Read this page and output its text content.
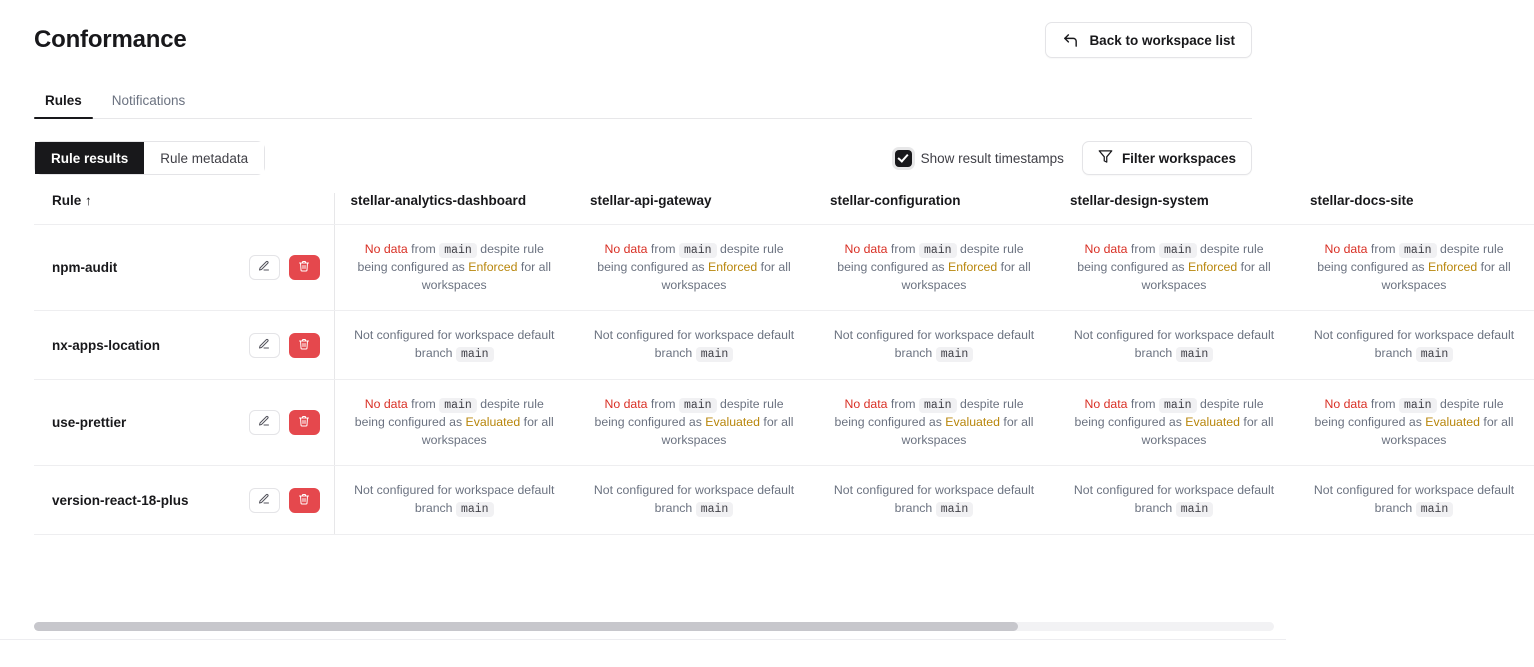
Conformance	Back to workspace list
Rules	Notifications
Rule results	Rule metadata	Show result timestamps	Filter workspaces
Rule ↑	stellar-analytics-dashboard	stellar-api-gateway	stellar-configuration	stellar-design-system	stellar-docs-site

npm-audit	No data from main despite rule being configured as Enforced for all workspaces	No data from main despite rule being configured as Enforced for all workspaces	No data from main despite rule being configured as Enforced for all workspaces	No data from main despite rule being configured as Enforced for all workspaces	No data from main despite rule being configured as Enforced for all workspaces

nx-apps-location	Not configured for workspace default branch main	Not configured for workspace default branch main	Not configured for workspace default branch main	Not configured for workspace default branch main	Not configured for workspace default branch main

use-prettier	No data from main despite rule being configured as Evaluated for all workspaces	No data from main despite rule being configured as Evaluated for all workspaces	No data from main despite rule being configured as Evaluated for all workspaces	No data from main despite rule being configured as Evaluated for all workspaces	No data from main despite rule being configured as Evaluated for all workspaces

version-react-18-plus	Not configured for workspace default branch main	Not configured for workspace default branch main	Not configured for workspace default branch main	Not configured for workspace default branch main	Not configured for workspace default branch main
